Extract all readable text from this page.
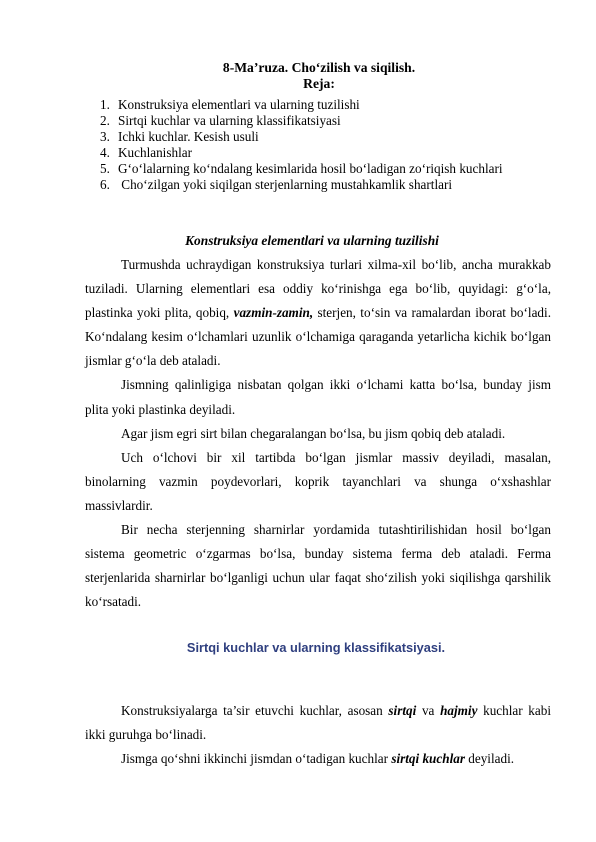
8-Ma’ruza. Cho‘zilish va siqilish.
Reja:
1. Konstruksiya elementlari va ularning tuzilishi
2. Sirtqi kuchlar va ularning klassifikatsiyasi
3. Ichki kuchlar. Kesish usuli
4. Kuchlanishlar
5. G‘o‘lalarning ko‘ndalang kesimlarida hosil bo‘ladigan zo‘riqish kuchlari
6. Cho‘zilgan yoki siqilgan sterjenlarning mustahkamlik shartlari
Konstruksiya elementlari va ularning tuzilishi

Turmushda uchraydigan konstruksiya turlari xilma-xil bo‘lib, ancha murakkab tuziladi. Ularning elementlari esa oddiy ko‘rinishga ega bo‘lib, quyidagi: g‘o‘la, plastinka yoki plita, qobiq, vazmin-zamin, sterjen, to‘sin va ramalardan iborat bo‘ladi. Ko‘ndalang kesim o‘lchamlari uzunlik o‘lchamiga qaraganda yetarlicha kichik bo‘lgan jismlar g‘o‘la deb ataladi.

Jismning qalinligiga nisbatan qolgan ikki o‘lchami katta bo‘lsa, bunday jism plita yoki plastinka deyiladi.

Agar jism egri sirt bilan chegaralangan bo‘lsa, bu jism qobiq deb ataladi.

Uch o‘lchovi bir xil tartibda bo‘lgan jismlar massiv deyiladi, masalan, binolarning vazmin poydevorlari, koprik tayanchlari va shunga o‘xshashlar massivlardir.

Bir necha sterjenning sharnirlar yordamida tutashtirilishidan hosil bo‘lgan sistema geometric o‘zgarmas bo‘lsa, bunday sistema ferma deb ataladi. Ferma sterjenlarida sharnirlar bo‘lganligi uchun ular faqat sho‘zilish yoki siqilishga qarshilik ko‘rsatadi.

Sirtqi kuchlar va ularning klassifikatsiyasi.

Konstruksiyalarga ta’sir etuvchi kuchlar, asosan sirtqi va hajmiy kuchlar kabi ikki guruhga bo‘linadi.

Jismga qo‘shni ikkinchi jismdan o‘tadigan kuchlar sirtqi kuchlar deyiladi.
